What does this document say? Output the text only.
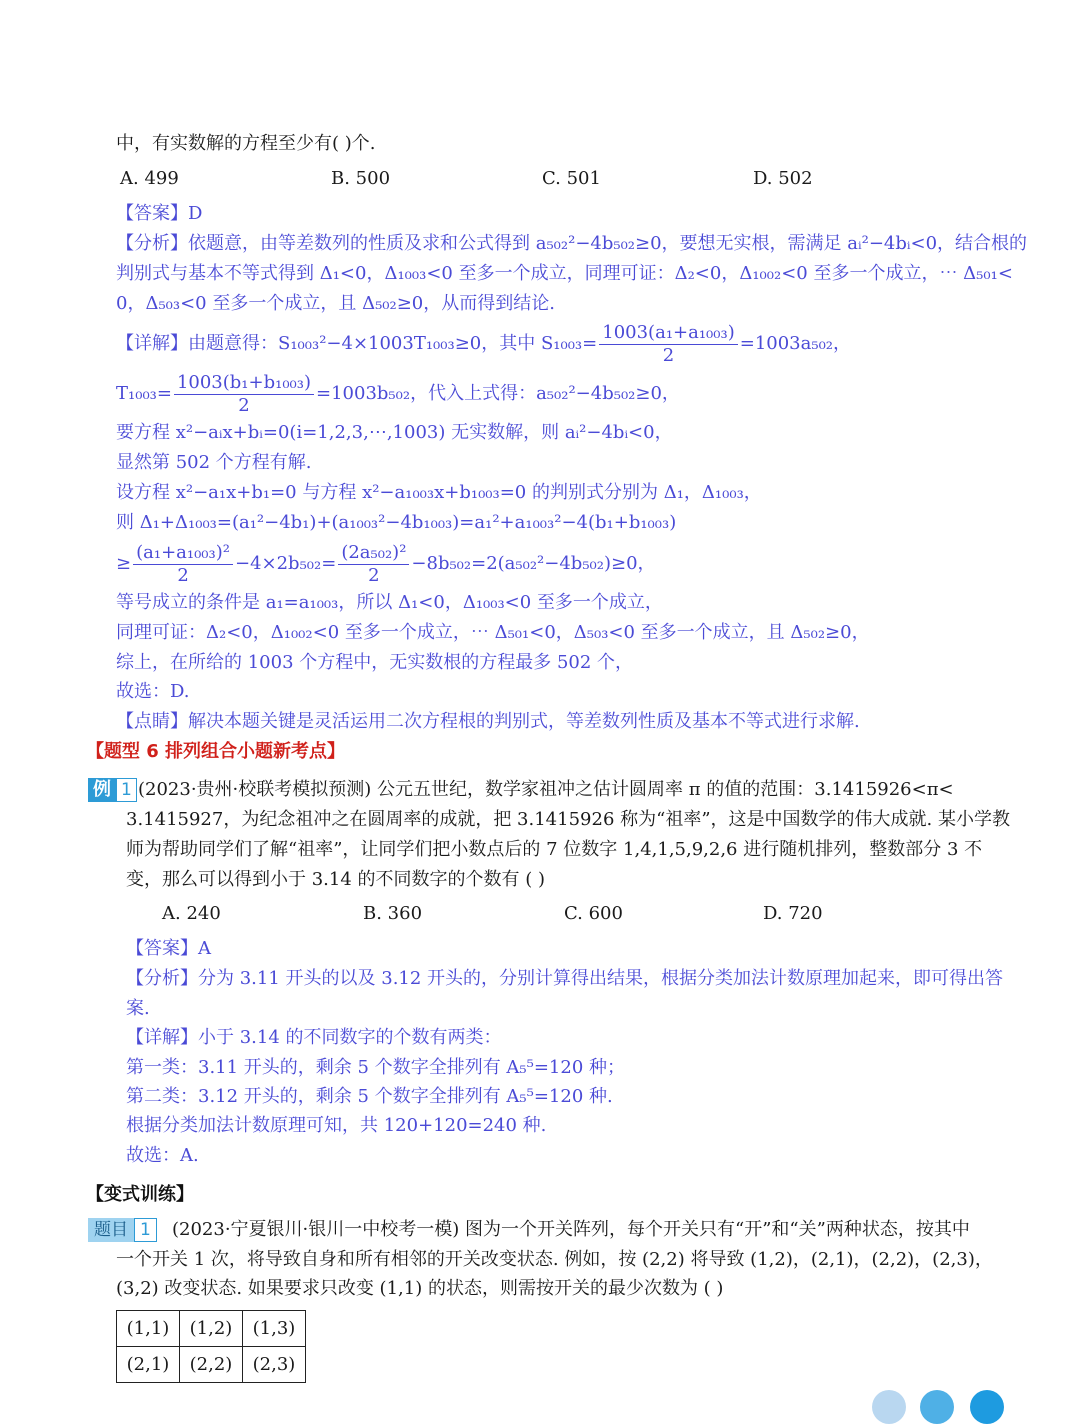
中，有实数解的方程至少有( )个.
A. 499	B. 500	C. 501	D. 502
【答案】D
【分析】依题意，由等差数列的性质及求和公式得到 a₅₀₂²−4b₅₀₂≥0，要想无实根，需满足 aᵢ²−4bᵢ<0，结合根的
判别式与基本不等式得到 Δ₁<0，Δ₁₀₀₃<0 至多一个成立，同理可证：Δ₂<0，Δ₁₀₀₂<0 至多一个成立，⋯ Δ₅₀₁<
0，Δ₅₀₃<0 至多一个成立，且 Δ₅₀₂≥0，从而得到结论.
【详解】由题意得：S₁₀₀₃²−4×1003T₁₀₀₃≥0，其中 $S_{1003}= \frac{\text{1003(a₁+a₁₀₀₃)}}{2} =1003a_{502}$，
$T_{1003}= \frac{\text{1003(b₁+b₁₀₀₃)}}{2} =1003b_{502}$，代入上式得：a₅₀₂²−4b₅₀₂≥0，
要方程 x²−aᵢx+bᵢ=0(i=1,2,3,⋯,1003) 无实数解，则 aᵢ²−4bᵢ<0，
显然第 502 个方程有解.
设方程 x²−a₁x+b₁=0 与方程 x²−a₁₀₀₃x+b₁₀₀₃=0 的判别式分别为 Δ₁，Δ₁₀₀₃，
则 Δ₁+Δ₁₀₀₃=(a₁²−4b₁)+(a₁₀₀₃²−4b₁₀₀₃)=a₁²+a₁₀₀₃²−4(b₁+b₁₀₀₃)
≥ $\frac{\text{(a₁+a₁₀₀₃)²}}{2} -4\times 2b_{502}= \frac{\text{(2a₅₀₂)²}}{2} -8b_{502}=2(a_{502}^2-4b_{502})\ge 0$，
等号成立的条件是 a₁=a₁₀₀₃，所以 Δ₁<0，Δ₁₀₀₃<0 至多一个成立，
同理可证：Δ₂<0，Δ₁₀₀₂<0 至多一个成立，⋯ Δ₅₀₁<0，Δ₅₀₃<0 至多一个成立，且 Δ₅₀₂≥0，
综上，在所给的 1003 个方程中，无实数根的方程最多 502 个，
故选：D.
【点睛】解决本题关键是灵活运用二次方程根的判别式，等差数列性质及基本不等式进行求解.
【题型 6 排列组合小题新考点】
例 1 (2023·贵州·校联考模拟预测) 公元五世纪，数学家祖冲之估计圆周率 π 的值的范围：3.1415926<π<
3.1415927，为纪念祖冲之在圆周率的成就，把 3.1415926 称为“祖率”，这是中国数学的伟大成就. 某小学教
师为帮助同学们了解“祖率”，让同学们把小数点后的 7 位数字 1,4,1,5,9,2,6 进行随机排列，整数部分 3 不
变，那么可以得到小于 3.14 的不同数字的个数有 ( )
A. 240	B. 360	C. 600	D. 720
【答案】A
【分析】分为 3.11 开头的以及 3.12 开头的，分别计算得出结果，根据分类加法计数原理加起来，即可得出答
案.
【详解】小于 3.14 的不同数字的个数有两类：
第一类：3.11 开头的，剩余 5 个数字全排列有 A₅⁵=120 种；
第二类：3.12 开头的，剩余 5 个数字全排列有 A₅⁵=120 种.
根据分类加法计数原理可知，共 120+120=240 种.
故选：A.
【变式训练】
题目 1	(2023·宁夏银川·银川一中校考一模) 图为一个开关阵列，每个开关只有“开”和“关”两种状态，按其中
一个开关 1 次，将导致自身和所有相邻的开关改变状态. 例如，按 (2,2) 将导致 (1,2)，(2,1)，(2,2)，(2,3)，
(3,2) 改变状态. 如果要求只改变 (1,1) 的状态，则需按开关的最少次数为 ( )
(1,1)	(1,2)	(1,3)
(2,1)	(2,2)	(2,3)
